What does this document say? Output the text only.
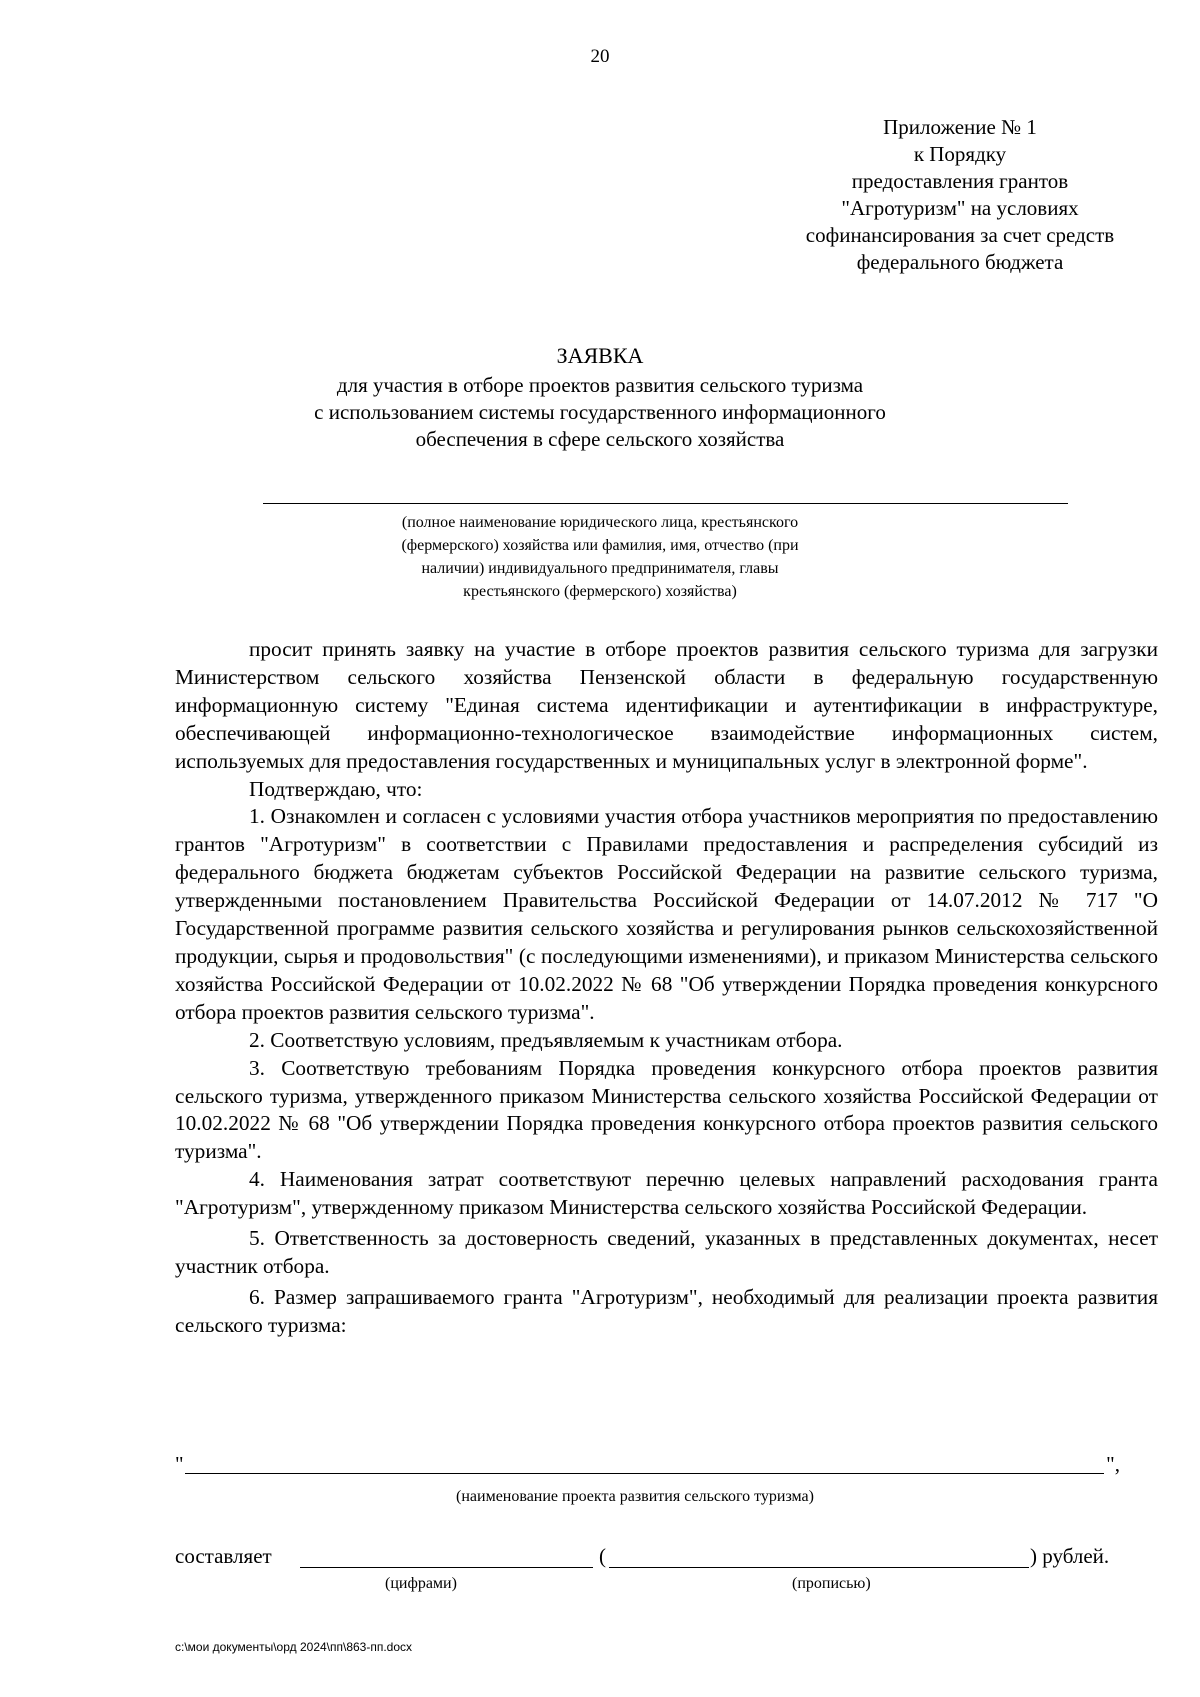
20
Приложение № 1
к Порядку
предоставления грантов
"Агротуризм" на условиях
софинансирования за счет средств
федерального бюджета
ЗАЯВКА
для участия в отборе проектов развития сельского туризма
с использованием системы государственного информационного
обеспечения в сфере сельского хозяйства
(полное наименование юридического лица, крестьянского
(фермерского) хозяйства или фамилия, имя, отчество (при
наличии) индивидуального предпринимателя, главы
крестьянского (фермерского) хозяйства)

просит принять заявку на участие в отборе проектов развития сельского туризма для загрузки Министерством сельского хозяйства Пензенской области в федеральную государственную информационную систему "Единая система идентификации и аутентификации в инфраструктуре, обеспечивающей информационно-технологическое взаимодействие информационных систем, используемых для предоставления государственных и муниципальных услуг в электронной форме".

Подтверждаю, что:

1. Ознакомлен и согласен с условиями участия отбора участников мероприятия по предоставлению грантов "Агротуризм" в соответствии с Правилами предоставления и распределения субсидий из федерального бюджета бюджетам субъектов Российской Федерации на развитие сельского туризма, утвержденными постановлением Правительства Российской Федерации от 14.07.2012 № 717 "О Государственной программе развития сельского хозяйства и регулирования рынков сельскохозяйственной продукции, сырья и продовольствия" (с последующими изменениями), и приказом Министерства сельского хозяйства Российской Федерации от 10.02.2022 № 68 "Об утверждении Порядка проведения конкурсного отбора проектов развития сельского туризма".

2. Соответствую условиям, предъявляемым к участникам отбора.

3. Соответствую требованиям Порядка проведения конкурсного отбора проектов развития сельского туризма, утвержденного приказом Министерства сельского хозяйства Российской Федерации от 10.02.2022 № 68 "Об утверждении Порядка проведения конкурсного отбора проектов развития сельского туризма".

4. Наименования затрат соответствуют перечню целевых направлений расходования гранта "Агротуризм", утвержденному приказом Министерства сельского хозяйства Российской Федерации.

5. Ответственность за достоверность сведений, указанных в представленных документах, несет участник отбора.

6. Размер запрашиваемого гранта "Агротуризм", необходимый для реализации проекта развития сельского туризма:

"	",
(наименование проекта развития сельского туризма)
составляет	(	) рублей.
(цифрами)	(прописью)
c:\мои документы\орд 2024\пп\863-пп.docx
